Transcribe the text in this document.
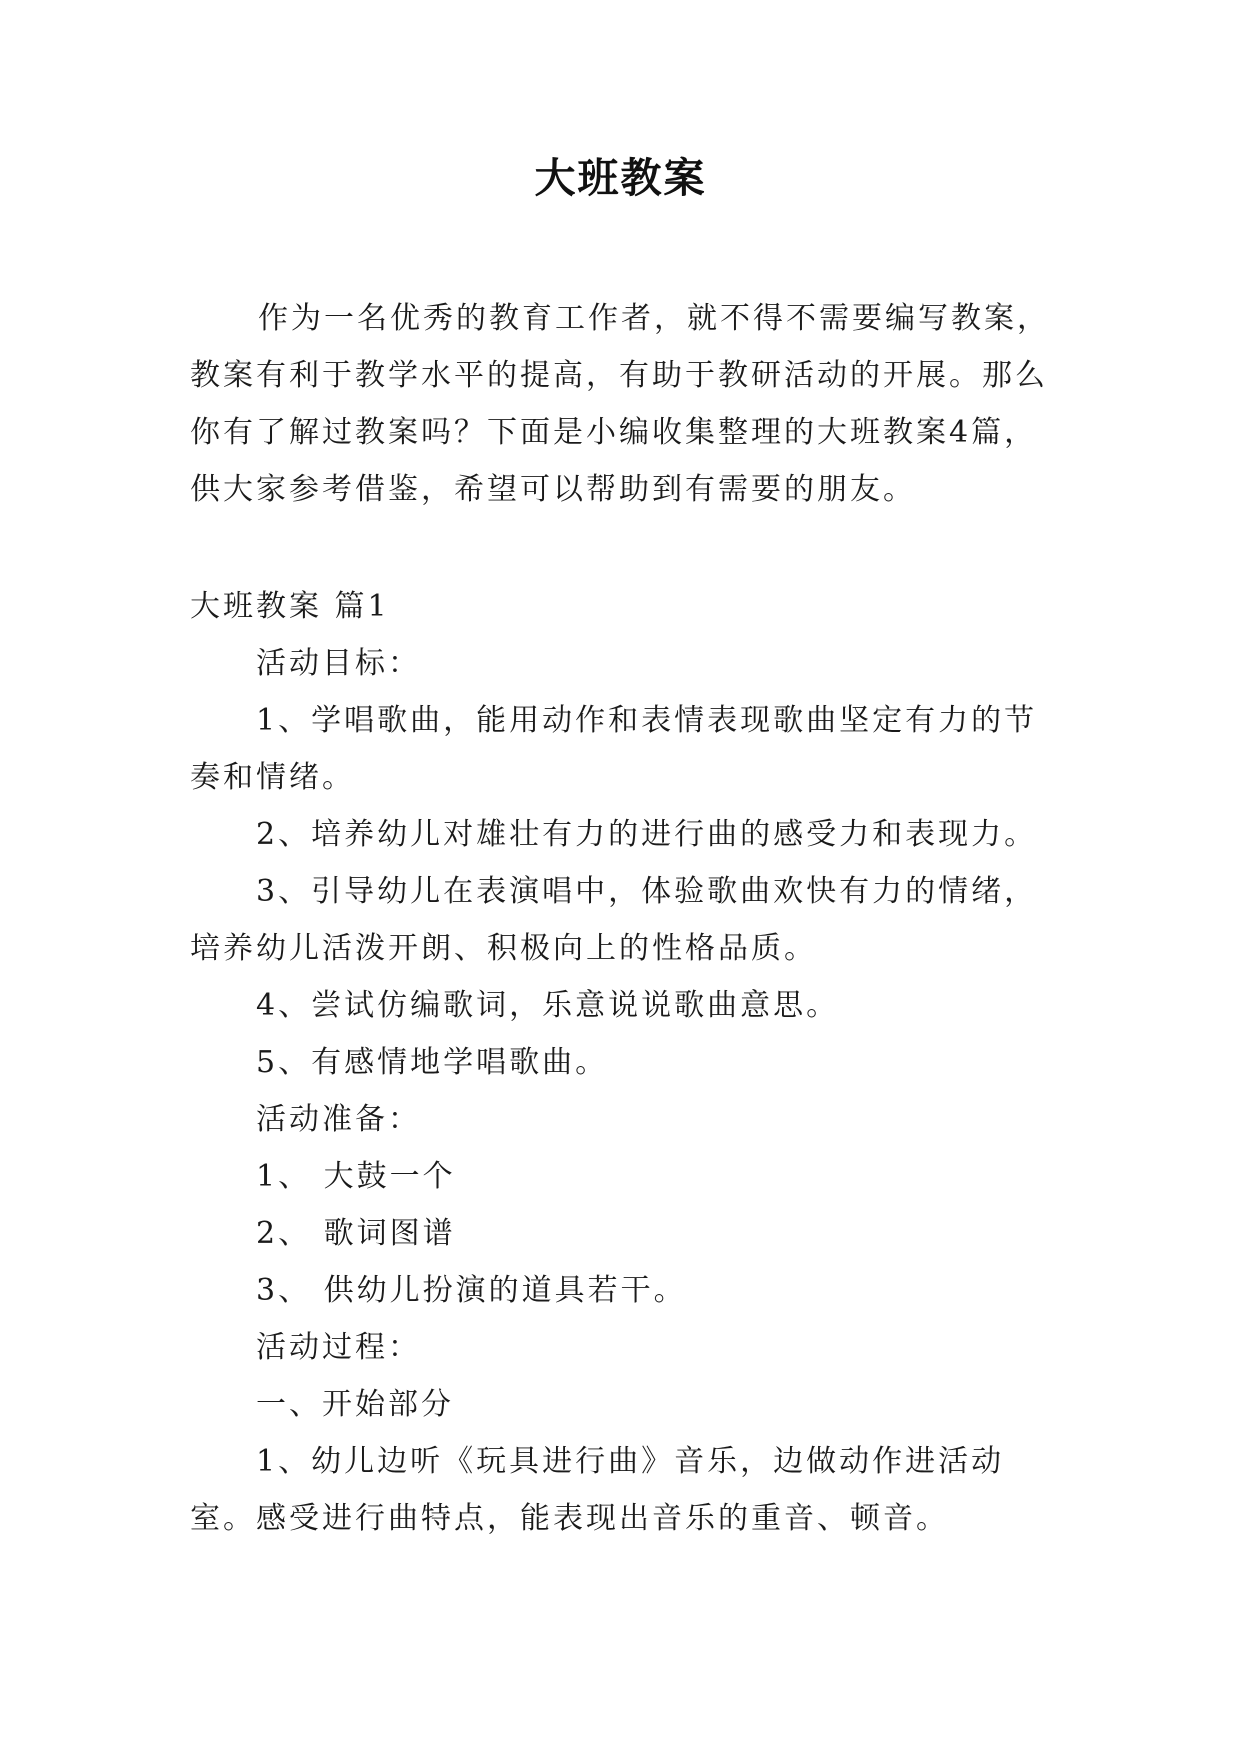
大班教案

作为一名优秀的教育工作者，就不得不需要编写教案，教案有利于教学水平的提高，有助于教研活动的开展。那么你有了解过教案吗？下面是小编收集整理的大班教案4篇，供大家参考借鉴，希望可以帮助到有需要的朋友。

大班教案 篇1

活动目标：

1、学唱歌曲，能用动作和表情表现歌曲坚定有力的节奏和情绪。

2、培养幼儿对雄壮有力的进行曲的感受力和表现力。

3、引导幼儿在表演唱中，体验歌曲欢快有力的情绪，培养幼儿活泼开朗、积极向上的性格品质。

4、尝试仿编歌词，乐意说说歌曲意思。

5、有感情地学唱歌曲。

活动准备：

1、 大鼓一个

2、 歌词图谱

3、 供幼儿扮演的道具若干。

活动过程：

一、开始部分

1、幼儿边听《玩具进行曲》音乐，边做动作进活动室。感受进行曲特点，能表现出音乐的重音、顿音。
